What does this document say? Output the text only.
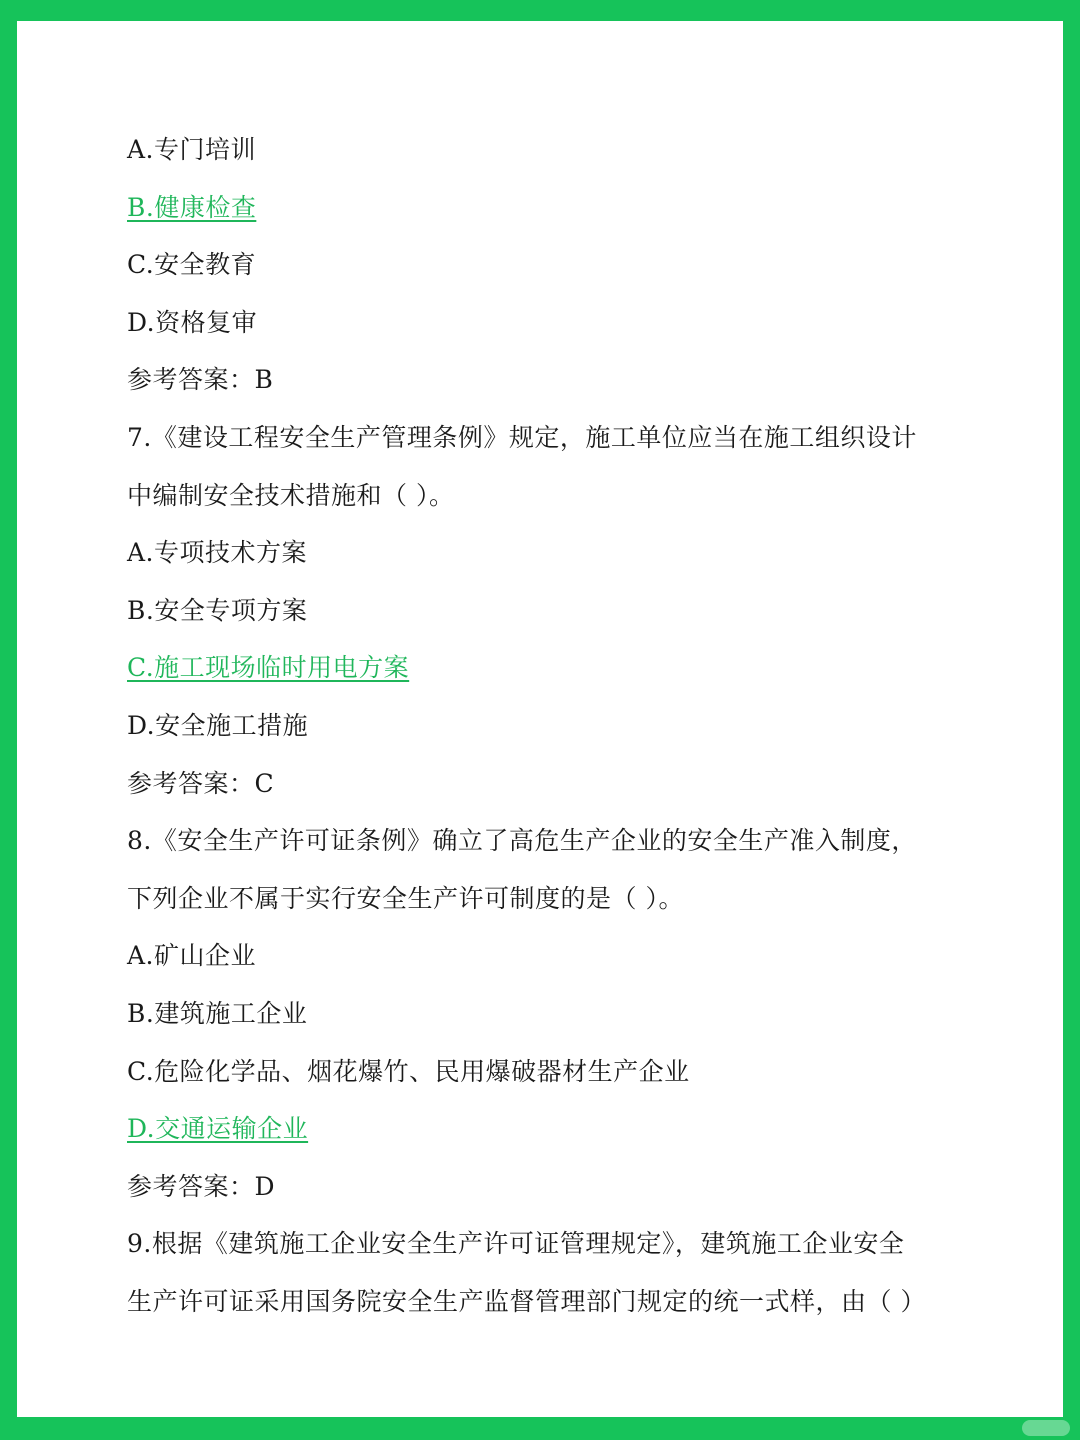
A.专门培训
B.健康检查
C.安全教育
D.资格复审
参考答案：B
7.《建设工程安全生产管理条例》规定，施工单位应当在施工组织设计
中编制安全技术措施和（ ）。
A.专项技术方案
B.安全专项方案
C.施工现场临时用电方案
D.安全施工措施
参考答案：C
8.《安全生产许可证条例》确立了高危生产企业的安全生产准入制度，
下列企业不属于实行安全生产许可制度的是（ ）。
A.矿山企业
B.建筑施工企业
C.危险化学品、烟花爆竹、民用爆破器材生产企业
D.交通运输企业
参考答案：D
9.根据《建筑施工企业安全生产许可证管理规定》，建筑施工企业安全
生产许可证采用国务院安全生产监督管理部门规定的统一式样，由（ ）
